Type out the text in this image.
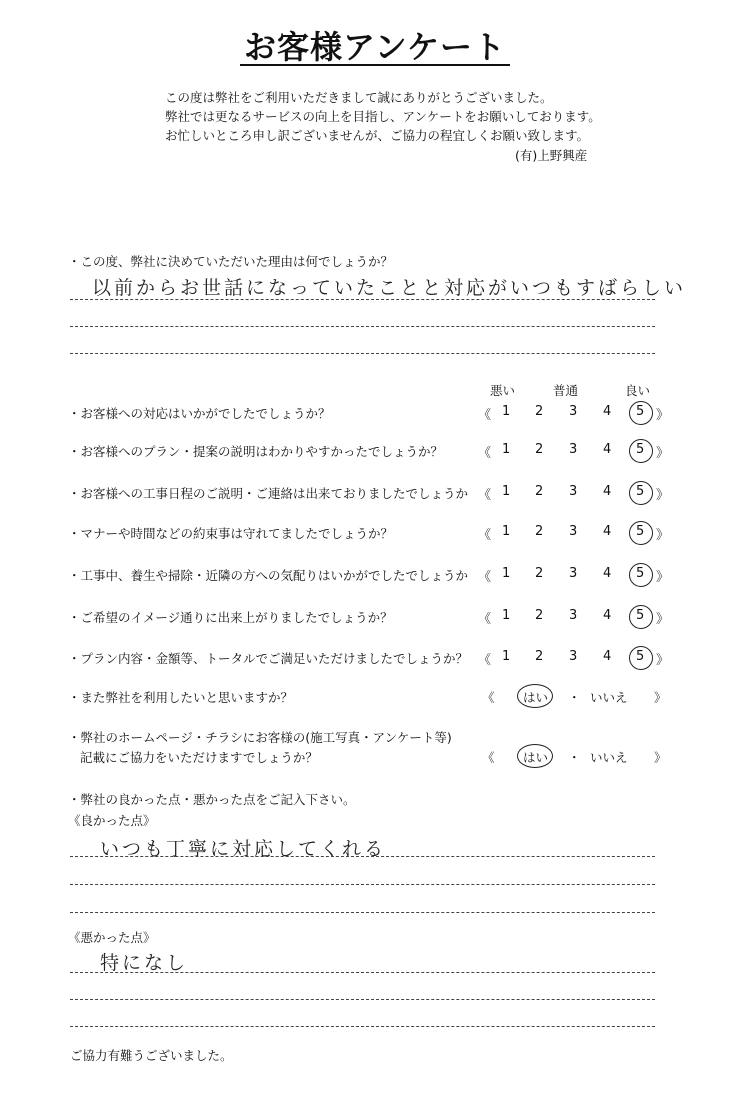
お客様アンケート
この度は弊社をご利用いただきまして誠にありがとうございました。
弊社では更なるサービスの向上を目指し、アンケートをお願いしております。
お忙しいところ申し訳ございませんが、ご協力の程宜しくお願い致します。
(有)上野興産
・この度、弊社に決めていただいた理由は何でしょうか？
以前からお世話になっていたことと対応がいつもすばらしい
悪い	普通	良い
・お客様への対応はいかがでしたでしょうか？	《 1 2 3 4 5 》
・お客様へのプラン・提案の説明はわかりやすかったでしょうか？	《 1 2 3 4 5 》
・お客様への工事日程のご説明・ご連絡は出来ておりましたでしょうか 《 1 2 3 4 5 》
・マナーや時間などの約束事は守れてましたでしょうか？	《 1 2 3 4 5 》
・工事中、養生や掃除・近隣の方への気配りはいかがでしたでしょうか 《 1 2 3 4 5 》
・ご希望のイメージ通りに出来上がりましたでしょうか？	《 1 2 3 4 5 》
・プラン内容・金額等、トータルでご満足いただけましたでしょうか？ 《 1 2 3 4 5 》
・また弊社を利用したいと思いますか？	《 はい ・ いいえ 》
・弊社のホームページ・チラシにお客様の(施工写真・アンケート等)
記載にご協力をいただけますでしょうか？	《 はい ・ いいえ 》
・弊社の良かった点・悪かった点をご記入下さい。
《良かった点》
いつも丁寧に対応してくれる
《悪かった点》
特になし
ご協力有難うございました。
